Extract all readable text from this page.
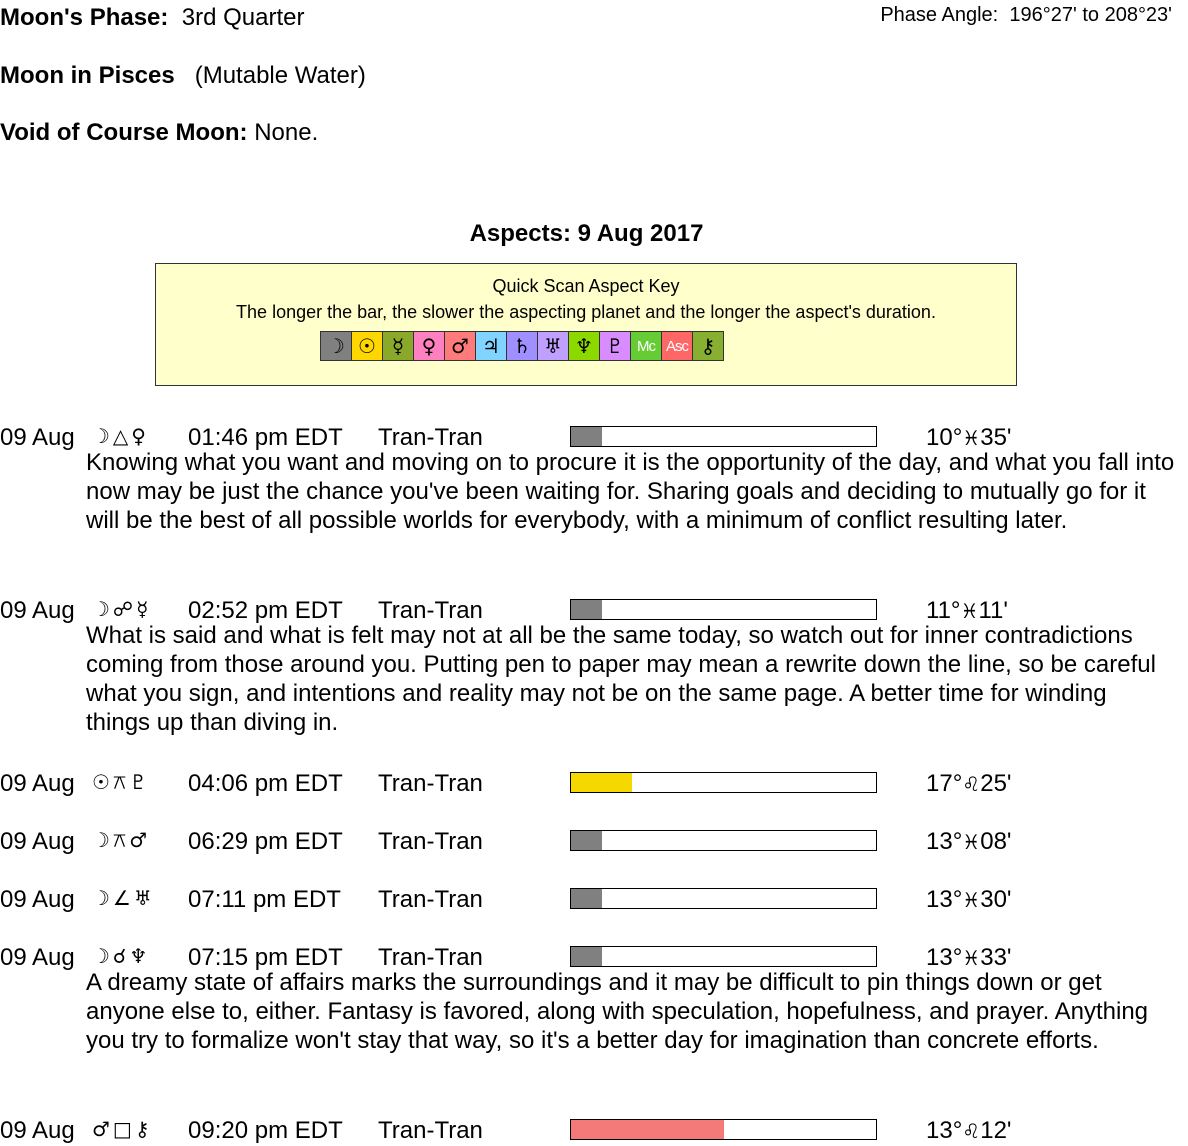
Moon's Phase: 3rd Quarter	Phase Angle: 196°27' to 208°23'
Moon in Pisces (Mutable Water)
Void of Course Moon: None.
Aspects: 9 Aug 2017
Quick Scan Aspect Key
The longer the bar, the slower the aspecting planet and the longer the aspect's duration.
☽ ☉ ☿ ♀ ♂ ♃ ♄ ♅ ♆ ♇ Mc Asc ⚷
09 Aug ☽△♀ 01:46 pm EDT Tran-Tran	10°♓35'
Knowing what you want and moving on to procure it is the opportunity of the day, and what you fall into now may be just the chance you've been waiting for. Sharing goals and deciding to mutually go for it will be the best of all possible worlds for everybody, with a minimum of conflict resulting later.
09 Aug ☽☍☿ 02:52 pm EDT Tran-Tran	11°♓11'
What is said and what is felt may not at all be the same today, so watch out for inner contradictions coming from those around you. Putting pen to paper may mean a rewrite down the line, so be careful what you sign, and intentions and reality may not be on the same page. A better time for winding things up than diving in.
09 Aug ☉⚻♇ 04:06 pm EDT Tran-Tran	17°♌25'
09 Aug ☽⚻♂ 06:29 pm EDT Tran-Tran	13°♓08'
09 Aug ☽∠♅ 07:11 pm EDT Tran-Tran	13°♓30'
09 Aug ☽☌♆ 07:15 pm EDT Tran-Tran	13°♓33'
A dreamy state of affairs marks the surroundings and it may be difficult to pin things down or get anyone else to, either. Fantasy is favored, along with speculation, hopefulness, and prayer. Anything you try to formalize won't stay that way, so it's a better day for imagination than concrete efforts.
09 Aug ♂□⚷ 09:20 pm EDT Tran-Tran	13°♌12'
